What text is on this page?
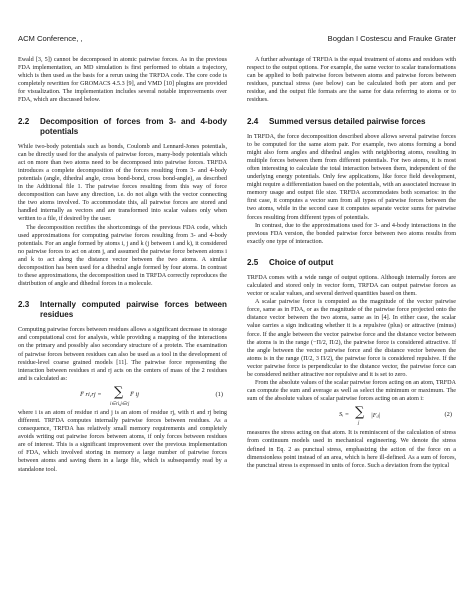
ACM Conference, ,	Bogdan I Costescu and Frauke Grater

Ewald [3, 5]) cannot be decomposed in atomic pairwise forces. As in the previous FDA implementation, an MD simulation is first performed to obtain a trajectory, which is then used as the basis for a rerun using the TRFDA code. The core code is completely rewritten for GROMACS 4.5.3 [9], and VMD [10] plugins are provided for visualization. The implementation includes several notable improvements over FDA, which are discussed below.

2.2	Decomposition of forces from 3- and 4-body potentials

While two-body potentials such as bonds, Coulomb and Lennard-Jones potentials, can be directly used for the analysis of pairwise forces, many-body potentials which act on more than two atoms need to be decomposed into pairwise forces. TRFDA introduces a complete decomposition of the forces resulting from 3- and 4-body potentials (angle, dihedral angle, cross bond-bond, cross bond-angle), as described in the Additional file 1. The pairwise forces resulting from this way of force decomposition can have any direction, i.e. do not align with the vector connecting the two atoms involved. To accommodate this, all pairwise forces are stored and handled internally as vectors and are transformed into scalar values only when written to a file, if desired by the user.

The decomposition rectifies the shortcomings of the previous FDA code, which used approximations for computing pairwise forces resulting from 3- and 4-body potentials. For an angle formed by atoms i, j and k (j between i and k), it considered no pairwise forces to act on atom j, and assumed the pairwise force between atoms i and k to act along the distance vector between the two atoms. A similar decomposition has been used for a dihedral angle formed by four atoms. In contrast to these approximations, the decomposition used in TRFDA correctly reproduces the distribution of angle and dihedral forces in a molecule.

2.3	Internally computed pairwise forces between residues

Computing pairwise forces between residues allows a significant decrease in storage and computational cost for analysis, while providing a mapping of the interactions on the primary and possibly also secondary structure of a protein. The examination of pairwise forces between residues can also be used as a tool in the development of residue-level coarse grained models [11]. The pairwise force representing the interaction between residues ri and rj acts on the centers of mass of the 2 residues and is calculated as:

F̅ ri,rj = ∑
i∈ri,j∈rj
F̅ ij	(1)

where i is an atom of residue ri and j is an atom of residue rj, with ri and rj being different. TRFDA computes internally pairwise forces between residues. As a consequence, TRFDA has relatively small memory requirements and completely avoids writing out pairwise forces between atoms, if only forces between residues are of interest. This is a significant improvement over the previous implementation of FDA, which involved storing in memory a large number of pairwise forces between atoms and saving them in a large file, which is subsequently read by a standalone tool.

A further advantage of TRFDA is the equal treatment of atoms and residues with respect to the output options. For example, the same vector to scalar transformations can be applied to both pairwise forces between atoms and pairwise forces between residues, punctual stress (see below) can be calculated both per atom and per residue, and the output file formats are the same for data referring to atoms or to residues.

2.4	Summed versus detailed pairwise forces

In TRFDA, the force decomposition described above allows several pairwise forces to be computed for the same atom pair. For example, two atoms forming a bond might also form angles and dihedral angles with neighboring atoms, resulting in multiple forces between them from different potentials. For two atoms, it is most often interesting to calculate the total interaction between them, independent of the underlying energy potentials. Only few applications, like force field development, might require a differentiation based on the potentials, with an associated increase in memory usage and output file size. TRFDA accommodates both scenarios: in the first case, it computes a vector sum from all types of pairwise forces between the two atoms, while in the second case it computes separate vector sums for pairwise forces resulting from different types of potentials.

In contrast, due to the approximations used for 3- and 4-body interactions in the previous FDA version, the bonded pairwise force between two atoms results from exactly one type of interaction.

2.5	Choice of output

TRFDA comes with a wide range of output options. Although internally forces are calculated and stored only in vector form, TRFDA can output pairwise forces as vector or scalar values, and several derived quantities based on them.

A scalar pairwise force is computed as the magnitude of the vector pairwise force, same as in FDA, or as the magnitude of the pairwise force projected onto the distance vector between the two atoms, same as in [4]. In either case, the scalar value carries a sign indicating whether it is a repulsive (plus) or attractive (minus) force. If the angle between the vector pairwise force and the distance vector between the atoms is in the range (−Π/2, Π/2), the pairwise force is considered attractive. If the angle between the vector pairwise force and the distance vector between the atoms is in the range (Π/2, 3 Π/2), the pairwise force is considered repulsive. If the vector pairwise force is perpendicular to the distance vector, the pairwise force can be considered neither attractive nor repulsive and it is set to zero.

From the absolute values of the scalar pairwise forces acting on an atom, TRFDA can compute the sum and average as well as select the minimum or maximum. The sum of the absolute values of scalar pairwise forces acting on an atom i:

Sᵢ = ∑
j
|Fᵢⱼ|	(2)

measures the stress acting on that atom. It is reminiscent of the calculation of stress from continuum models used in mechanical engineering. We denote the stress defined in Eq. 2 as punctual stress, emphasizing the action of the force on a dimensionless point instead of an area, which is here ill-defined. As a sum of forces, the punctual stress is expressed in units of force. Such a deviation from the typical
